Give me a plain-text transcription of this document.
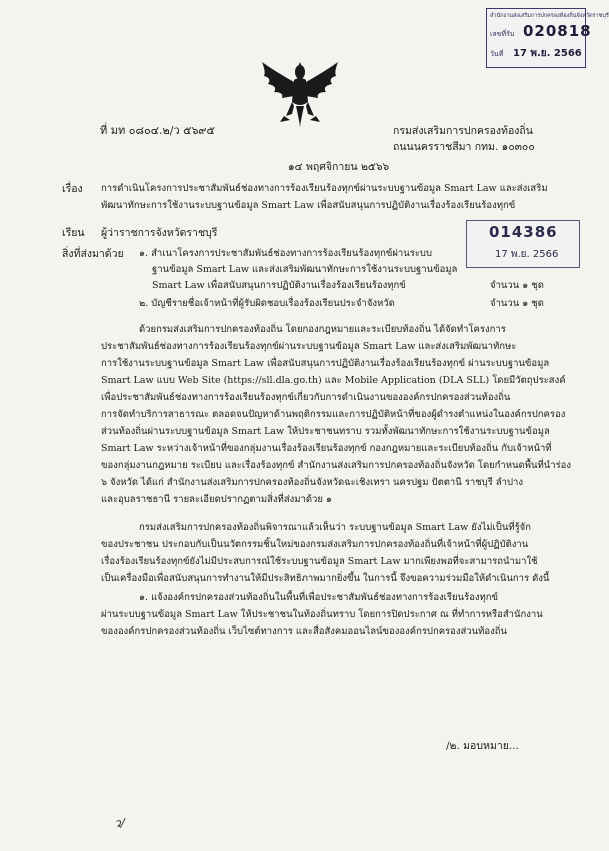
สำนักงานส่งเสริมการปกครองท้องถิ่นจังหวัดราชบุรี
เลขที่รับ 020818
วันที่ 17 พ.ย. 2566
ที่ มท ๐๘๐๔.๒/ว ๕๖๙๕	กรมส่งเสริมการปกครองท้องถิ่น
ถนนนครราชสีมา กทม. ๑๐๓๐๐
๑๔ พฤศจิกายน ๒๕๖๖
เรื่อง การดำเนินโครงการประชาสัมพันธ์ช่องทางการร้องเรียนร้องทุกข์ผ่านระบบฐานข้อมูล Smart Law และส่งเสริม
พัฒนาทักษะการใช้งานระบบฐานข้อมูล Smart Law เพื่อสนับสนุนการปฏิบัติงานเรื่องร้องเรียนร้องทุกข์
เรียน ผู้ว่าราชการจังหวัดราชบุรี	014386
17 พ.ย. 2566
สิ่งที่ส่งมาด้วย ๑. สำเนาโครงการประชาสัมพันธ์ช่องทางการร้องเรียนร้องทุกข์ผ่านระบบ
ฐานข้อมูล Smart Law และส่งเสริมพัฒนาทักษะการใช้งานระบบฐานข้อมูล
Smart Law เพื่อสนับสนุนการปฏิบัติงานเรื่องร้องเรียนร้องทุกข์	จำนวน ๑ ชุด
๒. บัญชีรายชื่อเจ้าหน้าที่ผู้รับผิดชอบเรื่องร้องเรียนประจำจังหวัด	จำนวน ๑ ชุด
ด้วยกรมส่งเสริมการปกครองท้องถิ่น โดยกองกฎหมายและระเบียบท้องถิ่น ได้จัดทำโครงการ
ประชาสัมพันธ์ช่องทางการร้องเรียนร้องทุกข์ผ่านระบบฐานข้อมูล Smart Law และส่งเสริมพัฒนาทักษะ
การใช้งานระบบฐานข้อมูล Smart Law เพื่อสนับสนุนการปฏิบัติงานเรื่องร้องเรียนร้องทุกข์ ผ่านระบบฐานข้อมูล
Smart Law แบบ Web Site (https://sll.dla.go.th) และ Mobile Application (DLA SLL) โดยมีวัตถุประสงค์
เพื่อประชาสัมพันธ์ช่องทางการร้องเรียนร้องทุกข์เกี่ยวกับการดำเนินงานขององค์กรปกครองส่วนท้องถิ่น
การจัดทำบริการสาธารณะ ตลอดจนปัญหาด้านพฤติกรรมและการปฏิบัติหน้าที่ของผู้ดำรงตำแหน่งในองค์กรปกครอง
ส่วนท้องถิ่นผ่านระบบฐานข้อมูล Smart Law ให้ประชาชนทราบ รวมทั้งพัฒนาทักษะการใช้งานระบบฐานข้อมูล
Smart Law ระหว่างเจ้าหน้าที่ของกลุ่มงานเรื่องร้องเรียนร้องทุกข์ กองกฎหมายและระเบียบท้องถิ่น กับเจ้าหน้าที่
ของกลุ่มงานกฎหมาย ระเบียบ และเรื่องร้องทุกข์ สำนักงานส่งเสริมการปกครองท้องถิ่นจังหวัด โดยกำหนดพื้นที่นำร่อง
๖ จังหวัด ได้แก่ สำนักงานส่งเสริมการปกครองท้องถิ่นจังหวัดฉะเชิงเทรา นครปฐม ปัตตานี ราชบุรี ลำปาง
และอุบลราชธานี รายละเอียดปรากฏตามสิ่งที่ส่งมาด้วย ๑
กรมส่งเสริมการปกครองท้องถิ่นพิจารณาแล้วเห็นว่า ระบบฐานข้อมูล Smart Law ยังไม่เป็นที่รู้จัก
ของประชาชน ประกอบกับเป็นนวัตกรรมชิ้นใหม่ของกรมส่งเสริมการปกครองท้องถิ่นที่เจ้าหน้าที่ผู้ปฏิบัติงาน
เรื่องร้องเรียนร้องทุกข์ยังไม่มีประสบการณ์ใช้ระบบฐานข้อมูล Smart Law มากเพียงพอที่จะสามารถนำมาใช้
เป็นเครื่องมือเพื่อสนับสนุนการทำงานให้มีประสิทธิภาพมากยิ่งขึ้น ในการนี้ จึงขอความร่วมมือให้ดำเนินการ ดังนี้
๑. แจ้งองค์กรปกครองส่วนท้องถิ่นในพื้นที่เพื่อประชาสัมพันธ์ช่องทางการร้องเรียนร้องทุกข์
ผ่านระบบฐานข้อมูล Smart Law ให้ประชาชนในท้องถิ่นทราบ โดยการปิดประกาศ ณ ที่ทำการหรือสำนักงาน
ขององค์กรปกครองส่วนท้องถิ่น เว็บไซต์ทางการ และสื่อสังคมออนไลน์ขององค์กรปกครองส่วนท้องถิ่น
/๒. มอบหมาย...
ว/
